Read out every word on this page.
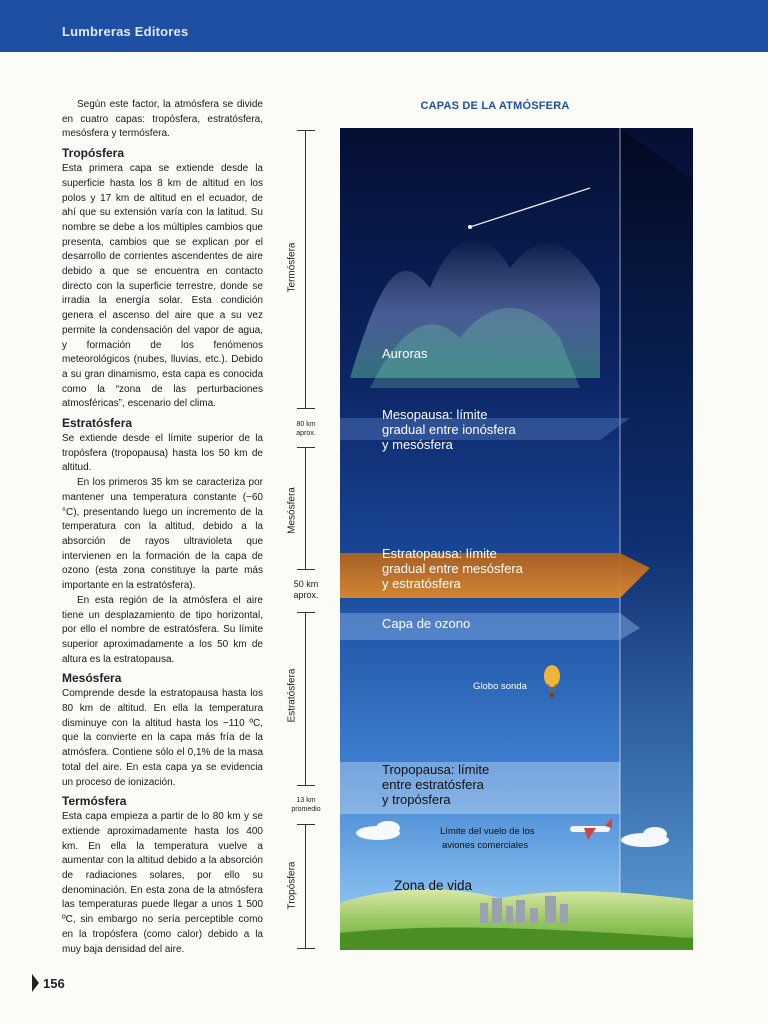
Lumbreras Editores

Según este factor, la atmósfera se divide en cuatro capas: tropósfera, estratósfera, mesósfera y termósfera.

Tropósfera

Esta primera capa se extiende desde la superficie hasta los 8 km de altitud en los polos y 17 km de altitud en el ecuador, de ahí que su extensión varía con la latitud. Su nombre se debe a los múltiples cambios que presenta, cambios que se explican por el desarrollo de corrientes ascendentes de aire debido a que se encuentra en contacto directo con la superficie terrestre, donde se irradia la energía solar. Esta condición genera el ascenso del aire que a su vez permite la condensación del vapor de agua, y formación de los fenómenos meteorológicos (nubes, lluvias, etc.). Debido a su gran dinamismo, esta capa es conocida como la “zona de las perturbaciones atmosféricas”, escenario del clima.

Estratósfera

Se extiende desde el límite superior de la tropósfera (tropopausa) hasta los 50 km de altitud.

En los primeros 35 km se caracteriza por mantener una temperatura constante (−60 °C), presentando luego un incremento de la temperatura con la altitud, debido a la absorción de rayos ultravioleta que intervienen en la formación de la capa de ozono (esta zona constituye la parte más importante en la estratósfera).

En esta región de la atmósfera el aire tiene un desplazamiento de tipo horizontal, por ello el nombre de estratósfera. Su límite superior aproximadamente a los 50 km de altura es la estratopausa.

Mesósfera

Comprende desde la estratopausa hasta los 80 km de altitud. En ella la temperatura disminuye con la altitud hasta los −110 ºC, que la convierte en la capa más fría de la atmósfera. Contiene sólo el 0,1% de la masa total del aire. En esta capa ya se evidencia un proceso de ionización.

Termósfera

Esta capa empieza a partir de lo 80 km y se extiende aproximadamente hasta los 400 km. En ella la temperatura vuelve a aumentar con la altitud debido a la absorción de radiaciones solares, por ello su denominación. En esta zona de la atmósfera las temperaturas puede llegar a unos 1 500 ºC, sin embargo no sería perceptible como en la tropósfera (como calor) debido a la muy baja densidad del aire.

156
CAPAS DE LA ATMÓSFERA
80 km
aprox.
50 km
aprox.
13 km
promedio
Termósfera
Mesósfera
Estratósfera
Tropósfera
Auroras
Mesopausa: límite
gradual entre ionósfera
y mesósfera
Estratopausa: límite
gradual entre mesósfera
y estratósfera
Capa de ozono
Globo sonda
Tropopausa: límite
entre estratósfera
y tropósfera
Límite del vuelo de los
aviones comerciales
Zona de vida
